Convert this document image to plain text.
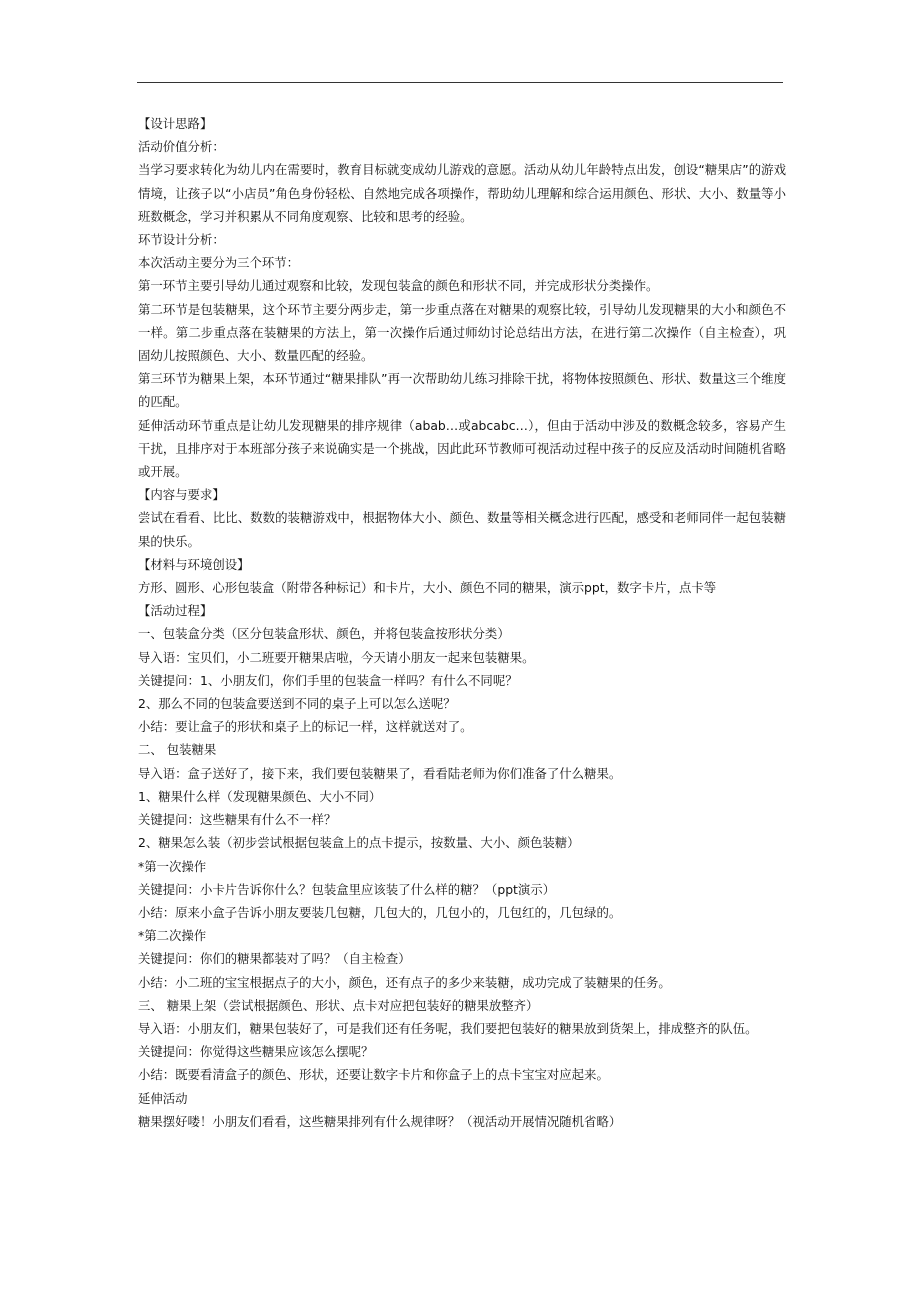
【设计思路】

活动价值分析：

当学习要求转化为幼儿内在需要时，教育目标就变成幼儿游戏的意愿。活动从幼儿年龄特点出发，创设“糖果店”的游戏情境，让孩子以“小店员”角色身份轻松、自然地完成各项操作，帮助幼儿理解和综合运用颜色、形状、大小、数量等小班数概念，学习并积累从不同角度观察、比较和思考的经验。

环节设计分析：

本次活动主要分为三个环节：

第一环节主要引导幼儿通过观察和比较，发现包装盒的颜色和形状不同，并完成形状分类操作。

第二环节是包装糖果，这个环节主要分两步走，第一步重点落在对糖果的观察比较，引导幼儿发现糖果的大小和颜色不一样。第二步重点落在装糖果的方法上，第一次操作后通过师幼讨论总结出方法，在进行第二次操作（自主检查），巩固幼儿按照颜色、大小、数量匹配的经验。

第三环节为糖果上架，本环节通过“糖果排队”再一次帮助幼儿练习排除干扰，将物体按照颜色、形状、数量这三个维度的匹配。

延伸活动环节重点是让幼儿发现糖果的排序规律（abab…或abcabc…），但由于活动中涉及的数概念较多，容易产生干扰，且排序对于本班部分孩子来说确实是一个挑战，因此此环节教师可视活动过程中孩子的反应及活动时间随机省略或开展。

【内容与要求】

尝试在看看、比比、数数的装糖游戏中，根据物体大小、颜色、数量等相关概念进行匹配，感受和老师同伴一起包装糖果的快乐。

【材料与环境创设】

方形、圆形、心形包装盒（附带各种标记）和卡片，大小、颜色不同的糖果，演示ppt，数字卡片，点卡等

【活动过程】

一、包装盒分类（区分包装盒形状、颜色，并将包装盒按形状分类）

导入语：宝贝们，小二班要开糖果店啦，今天请小朋友一起来包装糖果。

关键提问：1、小朋友们，你们手里的包装盒一样吗？有什么不同呢？

2、那么不同的包装盒要送到不同的桌子上可以怎么送呢？

小结：要让盒子的形状和桌子上的标记一样，这样就送对了。

二、 包装糖果

导入语：盒子送好了，接下来，我们要包装糖果了，看看陆老师为你们准备了什么糖果。

1、糖果什么样（发现糖果颜色、大小不同）

关键提问：这些糖果有什么不一样？

2、糖果怎么装（初步尝试根据包装盒上的点卡提示，按数量、大小、颜色装糖）

*第一次操作

关键提问：小卡片告诉你什么？包装盒里应该装了什么样的糖？（ppt演示）

小结：原来小盒子告诉小朋友要装几包糖，几包大的，几包小的，几包红的，几包绿的。

*第二次操作

关键提问：你们的糖果都装对了吗？（自主检查）

小结：小二班的宝宝根据点子的大小，颜色，还有点子的多少来装糖，成功完成了装糖果的任务。

三、 糖果上架（尝试根据颜色、形状、点卡对应把包装好的糖果放整齐）

导入语：小朋友们，糖果包装好了，可是我们还有任务呢，我们要把包装好的糖果放到货架上，排成整齐的队伍。

关键提问：你觉得这些糖果应该怎么摆呢？

小结：既要看清盒子的颜色、形状，还要让数字卡片和你盒子上的点卡宝宝对应起来。

延伸活动

糖果摆好喽！小朋友们看看，这些糖果排列有什么规律呀？（视活动开展情况随机省略）
